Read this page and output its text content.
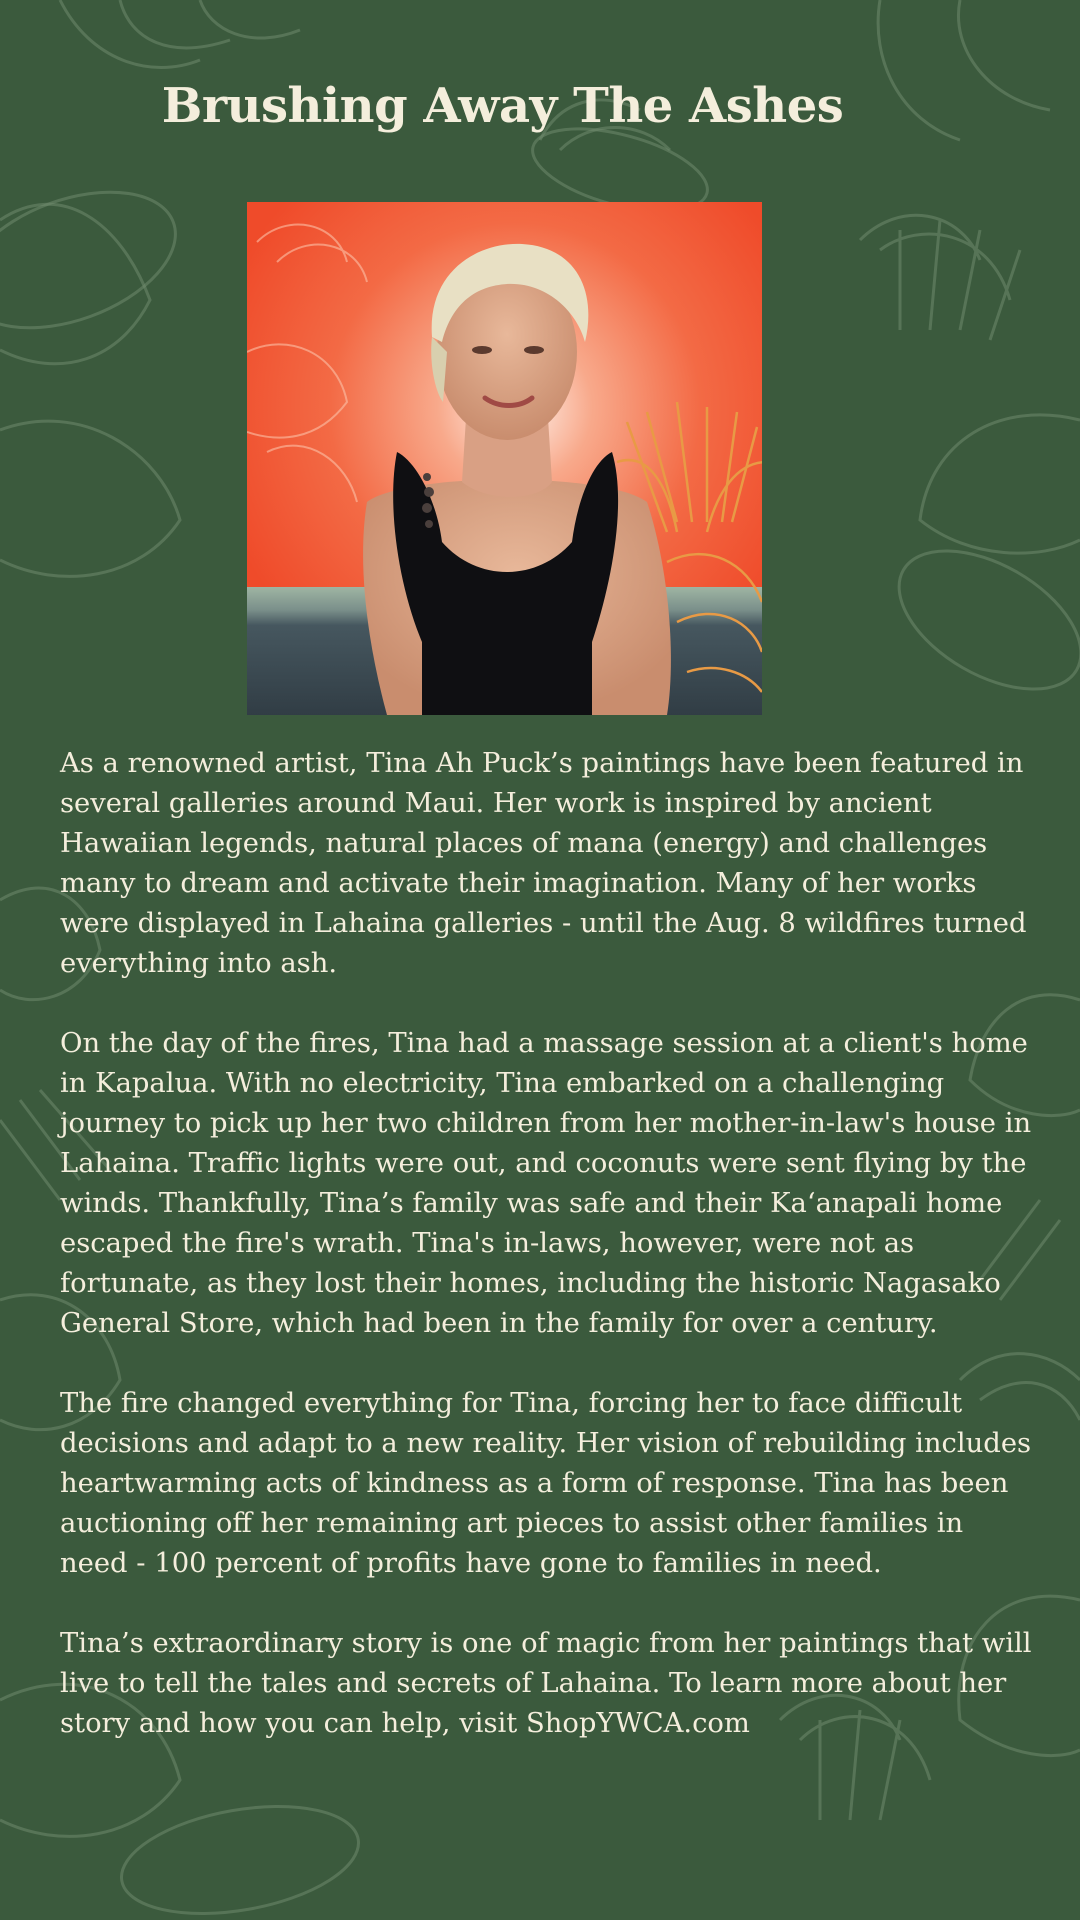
Brushing Away The Ashes

As a renowned artist, Tina Ah Puck’s paintings have been featured in several galleries around Maui. Her work is inspired by ancient Hawaiian legends, natural places of mana (energy) and challenges many to dream and activate their imagination. Many of her works were displayed in Lahaina galleries - until the Aug. 8 wildfires turned everything into ash.

On the day of the fires, Tina had a massage session at a client's home in Kapalua. With no electricity, Tina embarked on a challenging journey to pick up her two children from her mother-in-law's house in Lahaina. Traffic lights were out, and coconuts were sent flying by the winds. Thankfully, Tina’s family was safe and their Kaʻanapali home escaped the fire's wrath. Tina's in-laws, however, were not as fortunate, as they lost their homes, including the historic Nagasako General Store, which had been in the family for over a century.

The fire changed everything for Tina, forcing her to face difficult decisions and adapt to a new reality. Her vision of rebuilding includes heartwarming acts of kindness as a form of response. Tina has been auctioning off her remaining art pieces to assist other families in need - 100 percent of profits have gone to families in need.

Tina’s extraordinary story is one of magic from her paintings that will live to tell the tales and secrets of Lahaina. To learn more about her story and how you can help, visit ShopYWCA.com
